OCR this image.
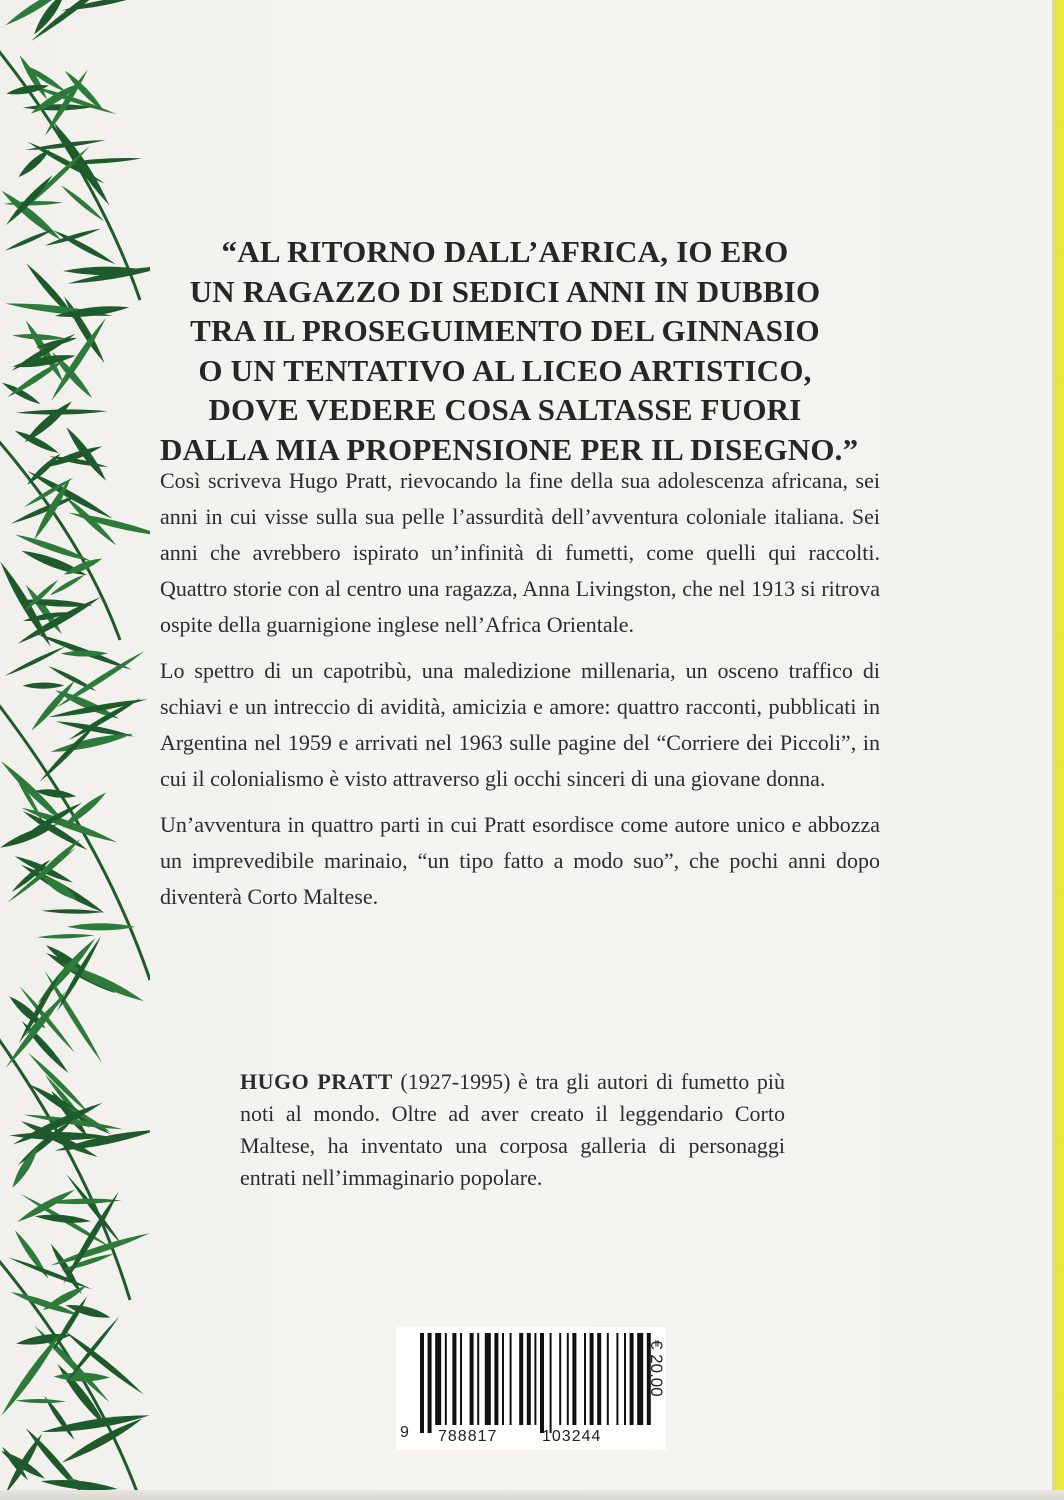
“AL RITORNO DALL’AFRICA, IO ERO
UN RAGAZZO DI SEDICI ANNI IN DUBBIO
TRA IL PROSEGUIMENTO DEL GINNASIO
O UN TENTATIVO AL LICEO ARTISTICO,
DOVE VEDERE COSA SALTASSE FUORI
DALLA MIA PROPENSIONE PER IL DISEGNO.”

Così scriveva Hugo Pratt, rievocando la fine della sua adolescenza africana, sei anni in cui visse sulla sua pelle l’assurdità dell’avventura coloniale italiana. Sei anni che avrebbero ispirato un’infinità di fumetti, come quelli qui raccolti. Quattro storie con al centro una ragazza, Anna Livingston, che nel 1913 si ritrova ospite della guarnigione inglese nell’Africa Orientale.

Lo spettro di un capotribù, una maledizione millenaria, un osceno traffico di schiavi e un intreccio di avidità, amicizia e amore: quattro racconti, pubblicati in Argentina nel 1959 e arrivati nel 1963 sulle pagine del “Corriere dei Piccoli”, in cui il colonialismo è visto attraverso gli occhi sinceri di una giovane donna.

Un’avventura in quattro parti in cui Pratt esordisce come autore unico e abbozza un imprevedibile marinaio, “un tipo fatto a modo suo”, che pochi anni dopo diventerà Corto Maltese.

HUGO PRATT (1927-1995) è tra gli autori di fumetto più noti al mondo. Oltre ad aver creato il leggendario Corto Maltese, ha inventato una corposa galleria di personaggi entrati nell’immaginario popolare.
9 788817	103244
€ 20.00
